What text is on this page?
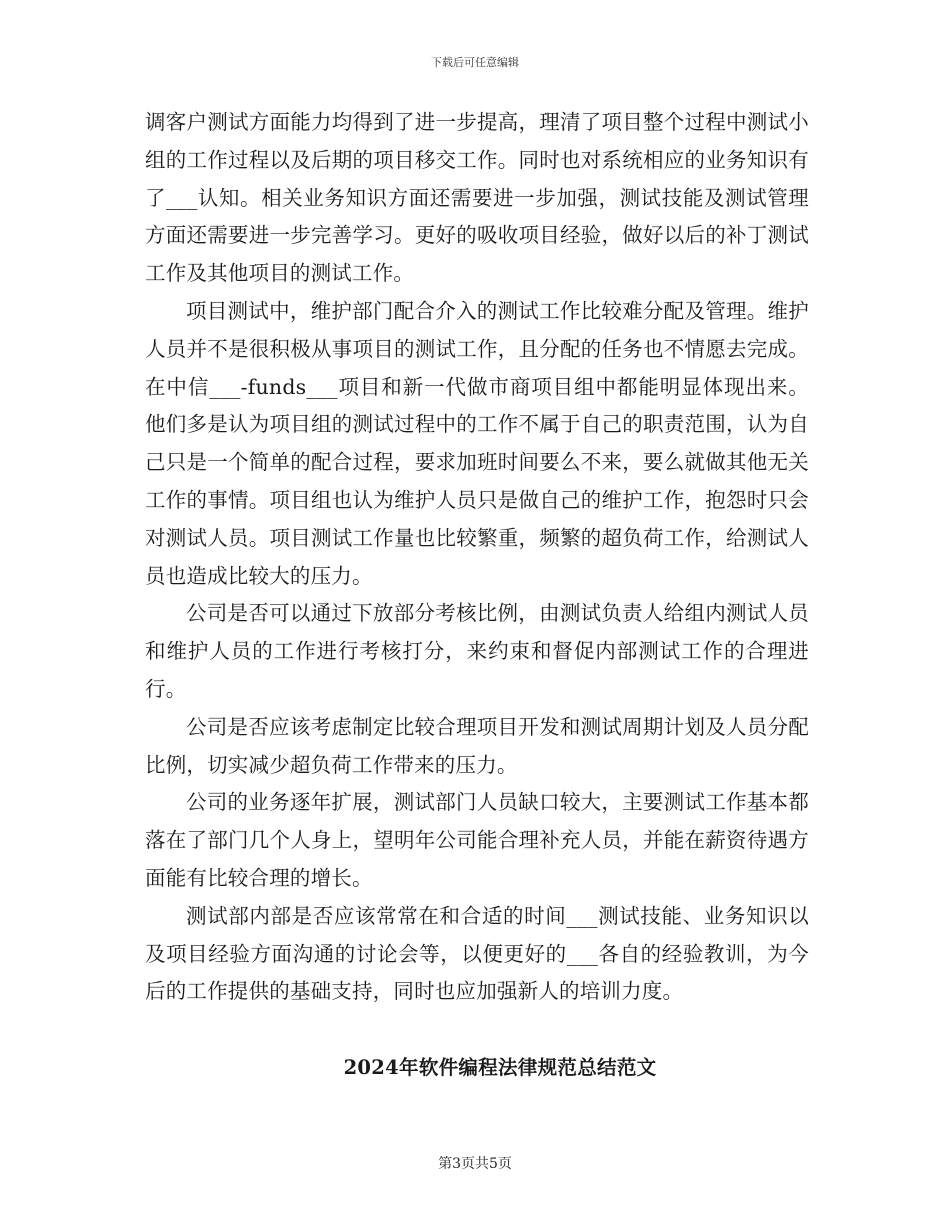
下载后可任意编辑

调客户测试方面能力均得到了进一步提高，理清了项目整个过程中测试小组的工作过程以及后期的项目移交工作。同时也对系统相应的业务知识有了___认知。相关业务知识方面还需要进一步加强，测试技能及测试管理方面还需要进一步完善学习。更好的吸收项目经验，做好以后的补丁测试工作及其他项目的测试工作。

项目测试中，维护部门配合介入的测试工作比较难分配及管理。维护人员并不是很积极从事项目的测试工作，且分配的任务也不情愿去完成。在中信___-funds___项目和新一代做市商项目组中都能明显体现出来。他们多是认为项目组的测试过程中的工作不属于自己的职责范围，认为自己只是一个简单的配合过程，要求加班时间要么不来，要么就做其他无关工作的事情。项目组也认为维护人员只是做自己的维护工作，抱怨时只会对测试人员。项目测试工作量也比较繁重，频繁的超负荷工作，给测试人员也造成比较大的压力。

公司是否可以通过下放部分考核比例，由测试负责人给组内测试人员和维护人员的工作进行考核打分，来约束和督促内部测试工作的合理进行。

公司是否应该考虑制定比较合理项目开发和测试周期计划及人员分配比例，切实减少超负荷工作带来的压力。

公司的业务逐年扩展，测试部门人员缺口较大，主要测试工作基本都落在了部门几个人身上，望明年公司能合理补充人员，并能在薪资待遇方面能有比较合理的增长。

测试部内部是否应该常常在和合适的时间___测试技能、业务知识以及项目经验方面沟通的讨论会等，以便更好的___各自的经验教训，为今后的工作提供的基础支持，同时也应加强新人的培训力度。

2024年软件编程法律规范总结范文
第3页共5页
